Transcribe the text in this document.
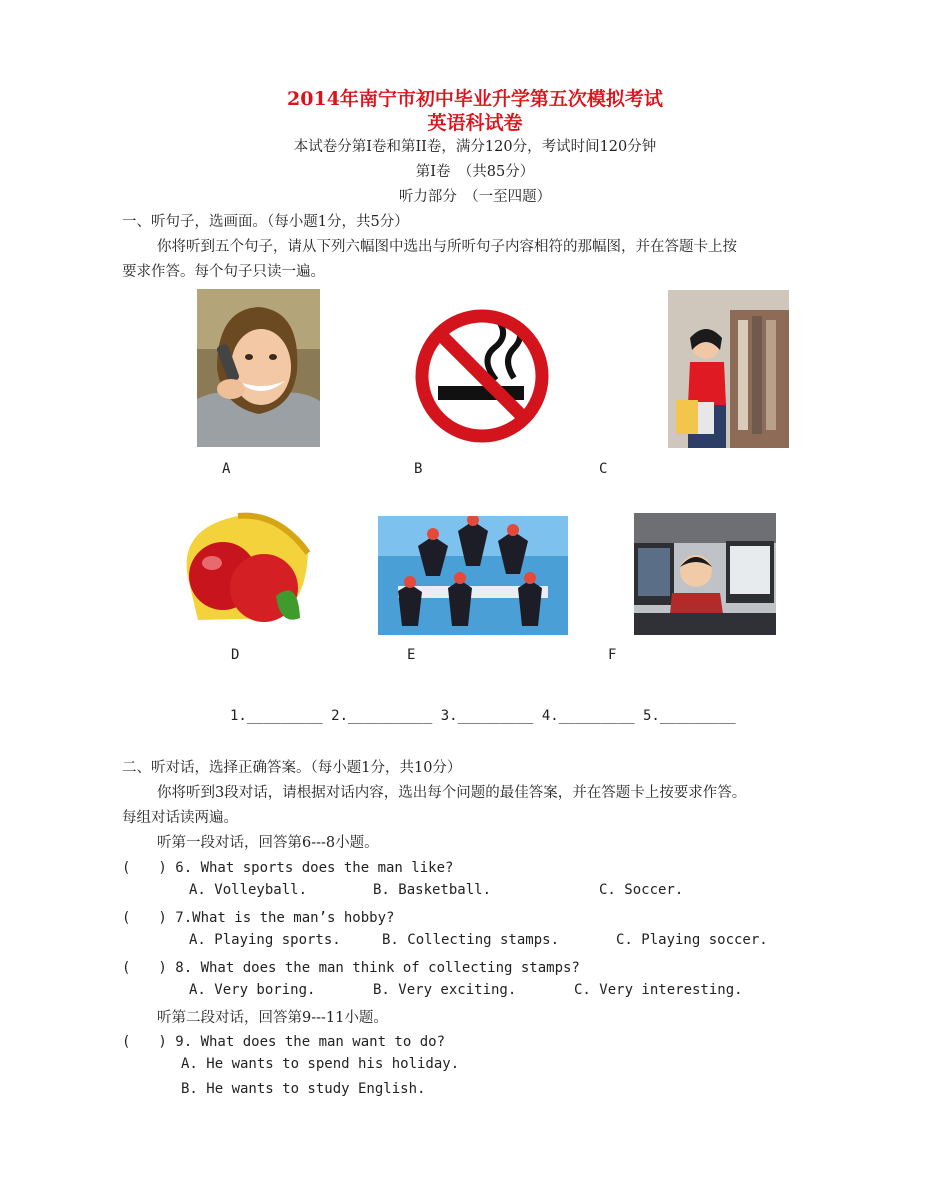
2014年南宁市初中毕业升学第五次模拟考试
英语科试卷
本试卷分第I卷和第II卷，满分120分，考试时间120分钟
第I卷　（共85分）
听力部分　（一至四题）
一、听句子，选画面。（每小题1分，共5分）
你将听到五个句子，请从下列六幅图中选出与所听句子内容相符的那幅图，并在答题卡上按
要求作答。每个句子只读一遍。
A	B	C
D	E	F
1._________ 2.__________ 3._________ 4._________ 5._________
二、听对话，选择正确答案。（每小题1分，共10分）
你将听到3段对话，请根据对话内容，选出每个问题的最佳答案，并在答题卡上按要求作答。
每组对话读两遍。
听第一段对话，回答第6---8小题。
(　　) 6. What sports does the man like?
A. Volleyball.	B. Basketball.	C. Soccer.
(　　) 7.What is the man’s hobby?
A. Playing sports.	B. Collecting stamps.	C. Playing soccer.
(　　) 8. What does the man think of collecting stamps?
A. Very boring.	B. Very exciting.	C. Very interesting.
听第二段对话，回答第9---11小题。
(　　) 9. What does the man want to do?
A. He wants to spend his holiday.
B. He wants to study English.
